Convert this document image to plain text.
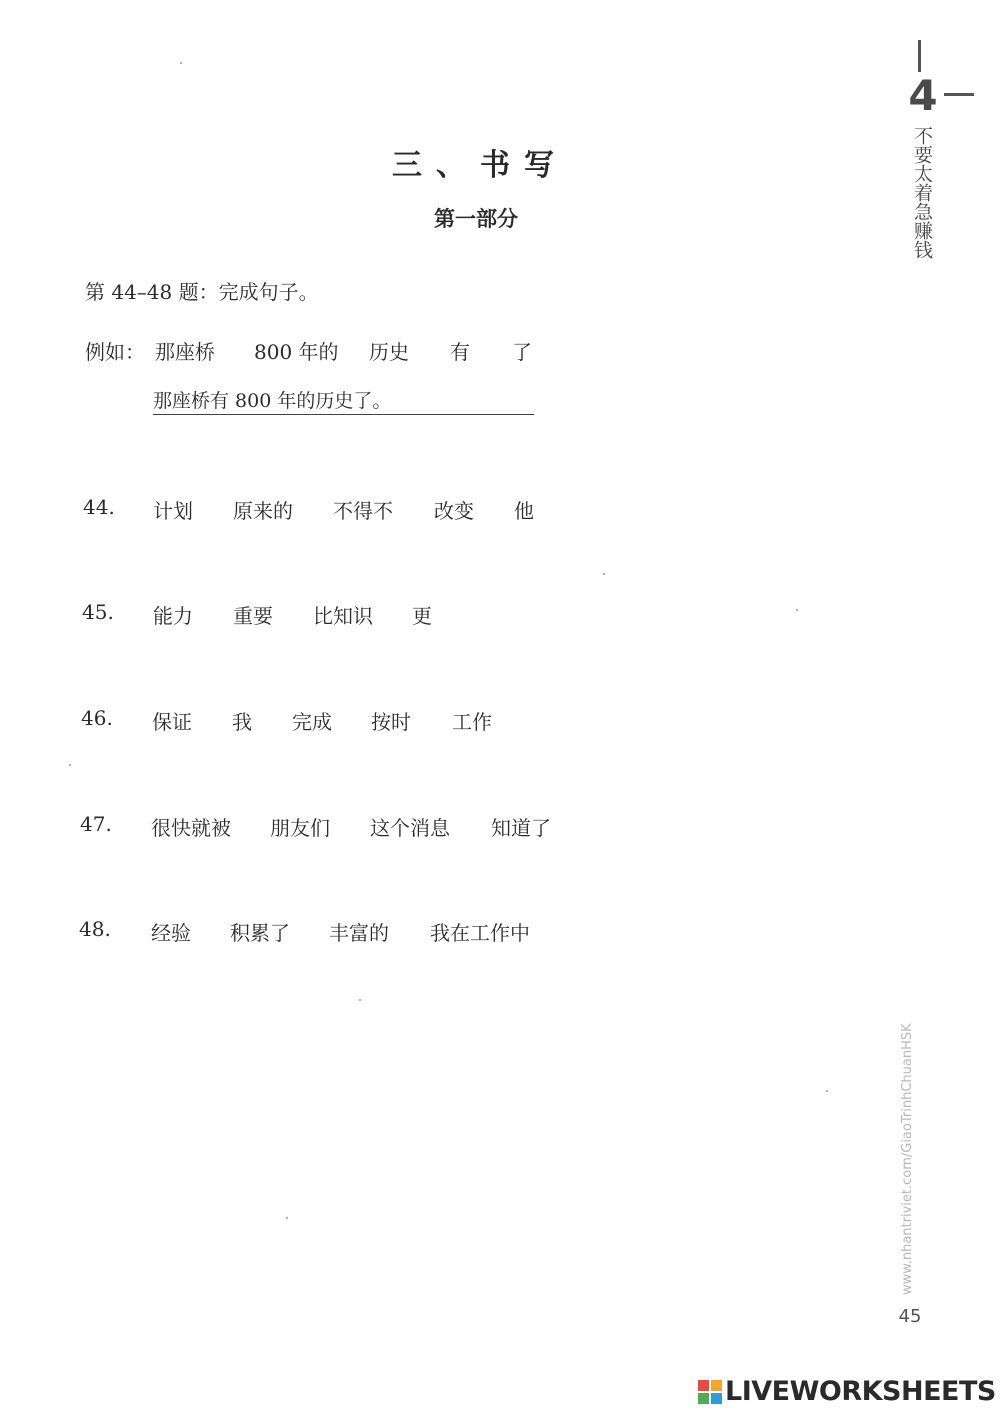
4
不要太着急赚钱
三、书写
第一部分
第 44–48 题：完成句子。
例如： 那座桥 800 年的 历史 有 了
那座桥有 800 年的历史了。
44. 计划 原来的 不得不 改变 他
45. 能力 重要 比知识 更
46. 保证 我 完成 按时 工作
47. 很快就被 朋友们 这个消息 知道了
48. 经验 积累了 丰富的 我在工作中
www.nhantriviet.com/GiaoTrinhChuanHSK
45
LIVEWORKSHEETS
